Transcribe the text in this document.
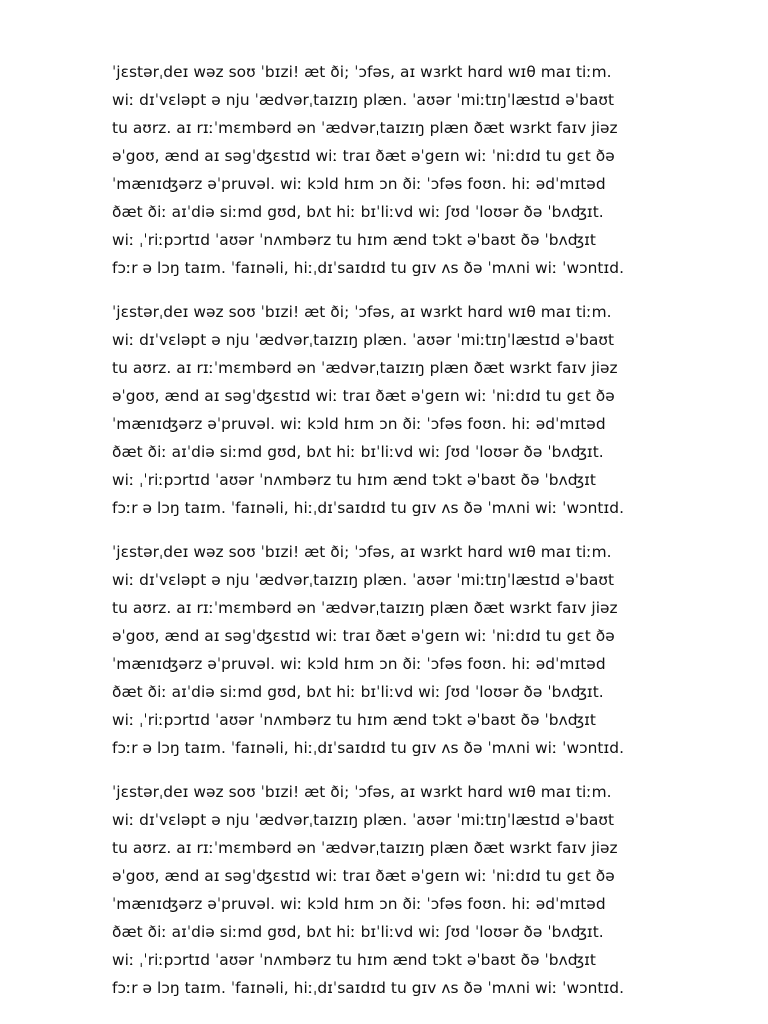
ˈjɛstərˌdeɪ wəz soʊ ˈbɪzi! æt ði; ˈɔfəs, aɪ wɜrkt hɑrd wɪθ maɪ tiːm.
wiː dɪˈvɛləpt ə nju ˈædvərˌtaɪzɪŋ plæn. ˈaʊər ˈmiːtɪŋˈlæstɪd əˈbaʊt
tu aʊrz. aɪ rɪːˈmɛmbərd ən ˈædvərˌtaɪzɪŋ plæn ðæt wɜrkt faɪv jiəz
əˈgoʊ, ænd aɪ səgˈʤɛstɪd wiː traɪ ðæt əˈgeɪn wiː ˈniːdɪd tu gɛt ðə
ˈmænɪʤərz əˈpruvəl. wiː kɔld hɪm ɔn ðiː ˈɔfəs foʊn. hiː ədˈmɪtəd
ðæt ðiː aɪˈdiə siːmd gʊd, bʌt hiː bɪˈliːvd wiː ʃʊd ˈloʊər ðə ˈbʌʤɪt.
wiː ˌˈriːpɔrtɪd ˈaʊər ˈnʌmbərz tu hɪm ænd tɔkt əˈbaʊt ðə ˈbʌʤɪt
fɔːr ə lɔŋ taɪm. ˈfaɪnəli, hiːˌdɪˈsaɪdɪd tu gɪv ʌs ðə ˈmʌni wiː ˈwɔntɪd.

ˈjɛstərˌdeɪ wəz soʊ ˈbɪzi! æt ði; ˈɔfəs, aɪ wɜrkt hɑrd wɪθ maɪ tiːm.
wiː dɪˈvɛləpt ə nju ˈædvərˌtaɪzɪŋ plæn. ˈaʊər ˈmiːtɪŋˈlæstɪd əˈbaʊt
tu aʊrz. aɪ rɪːˈmɛmbərd ən ˈædvərˌtaɪzɪŋ plæn ðæt wɜrkt faɪv jiəz
əˈgoʊ, ænd aɪ səgˈʤɛstɪd wiː traɪ ðæt əˈgeɪn wiː ˈniːdɪd tu gɛt ðə
ˈmænɪʤərz əˈpruvəl. wiː kɔld hɪm ɔn ðiː ˈɔfəs foʊn. hiː ədˈmɪtəd
ðæt ðiː aɪˈdiə siːmd gʊd, bʌt hiː bɪˈliːvd wiː ʃʊd ˈloʊər ðə ˈbʌʤɪt.
wiː ˌˈriːpɔrtɪd ˈaʊər ˈnʌmbərz tu hɪm ænd tɔkt əˈbaʊt ðə ˈbʌʤɪt
fɔːr ə lɔŋ taɪm. ˈfaɪnəli, hiːˌdɪˈsaɪdɪd tu gɪv ʌs ðə ˈmʌni wiː ˈwɔntɪd.

ˈjɛstərˌdeɪ wəz soʊ ˈbɪzi! æt ði; ˈɔfəs, aɪ wɜrkt hɑrd wɪθ maɪ tiːm.
wiː dɪˈvɛləpt ə nju ˈædvərˌtaɪzɪŋ plæn. ˈaʊər ˈmiːtɪŋˈlæstɪd əˈbaʊt
tu aʊrz. aɪ rɪːˈmɛmbərd ən ˈædvərˌtaɪzɪŋ plæn ðæt wɜrkt faɪv jiəz
əˈgoʊ, ænd aɪ səgˈʤɛstɪd wiː traɪ ðæt əˈgeɪn wiː ˈniːdɪd tu gɛt ðə
ˈmænɪʤərz əˈpruvəl. wiː kɔld hɪm ɔn ðiː ˈɔfəs foʊn. hiː ədˈmɪtəd
ðæt ðiː aɪˈdiə siːmd gʊd, bʌt hiː bɪˈliːvd wiː ʃʊd ˈloʊər ðə ˈbʌʤɪt.
wiː ˌˈriːpɔrtɪd ˈaʊər ˈnʌmbərz tu hɪm ænd tɔkt əˈbaʊt ðə ˈbʌʤɪt
fɔːr ə lɔŋ taɪm. ˈfaɪnəli, hiːˌdɪˈsaɪdɪd tu gɪv ʌs ðə ˈmʌni wiː ˈwɔntɪd.

ˈjɛstərˌdeɪ wəz soʊ ˈbɪzi! æt ði; ˈɔfəs, aɪ wɜrkt hɑrd wɪθ maɪ tiːm.
wiː dɪˈvɛləpt ə nju ˈædvərˌtaɪzɪŋ plæn. ˈaʊər ˈmiːtɪŋˈlæstɪd əˈbaʊt
tu aʊrz. aɪ rɪːˈmɛmbərd ən ˈædvərˌtaɪzɪŋ plæn ðæt wɜrkt faɪv jiəz
əˈgoʊ, ænd aɪ səgˈʤɛstɪd wiː traɪ ðæt əˈgeɪn wiː ˈniːdɪd tu gɛt ðə
ˈmænɪʤərz əˈpruvəl. wiː kɔld hɪm ɔn ðiː ˈɔfəs foʊn. hiː ədˈmɪtəd
ðæt ðiː aɪˈdiə siːmd gʊd, bʌt hiː bɪˈliːvd wiː ʃʊd ˈloʊər ðə ˈbʌʤɪt.
wiː ˌˈriːpɔrtɪd ˈaʊər ˈnʌmbərz tu hɪm ænd tɔkt əˈbaʊt ðə ˈbʌʤɪt
fɔːr ə lɔŋ taɪm. ˈfaɪnəli, hiːˌdɪˈsaɪdɪd tu gɪv ʌs ðə ˈmʌni wiː ˈwɔntɪd.
